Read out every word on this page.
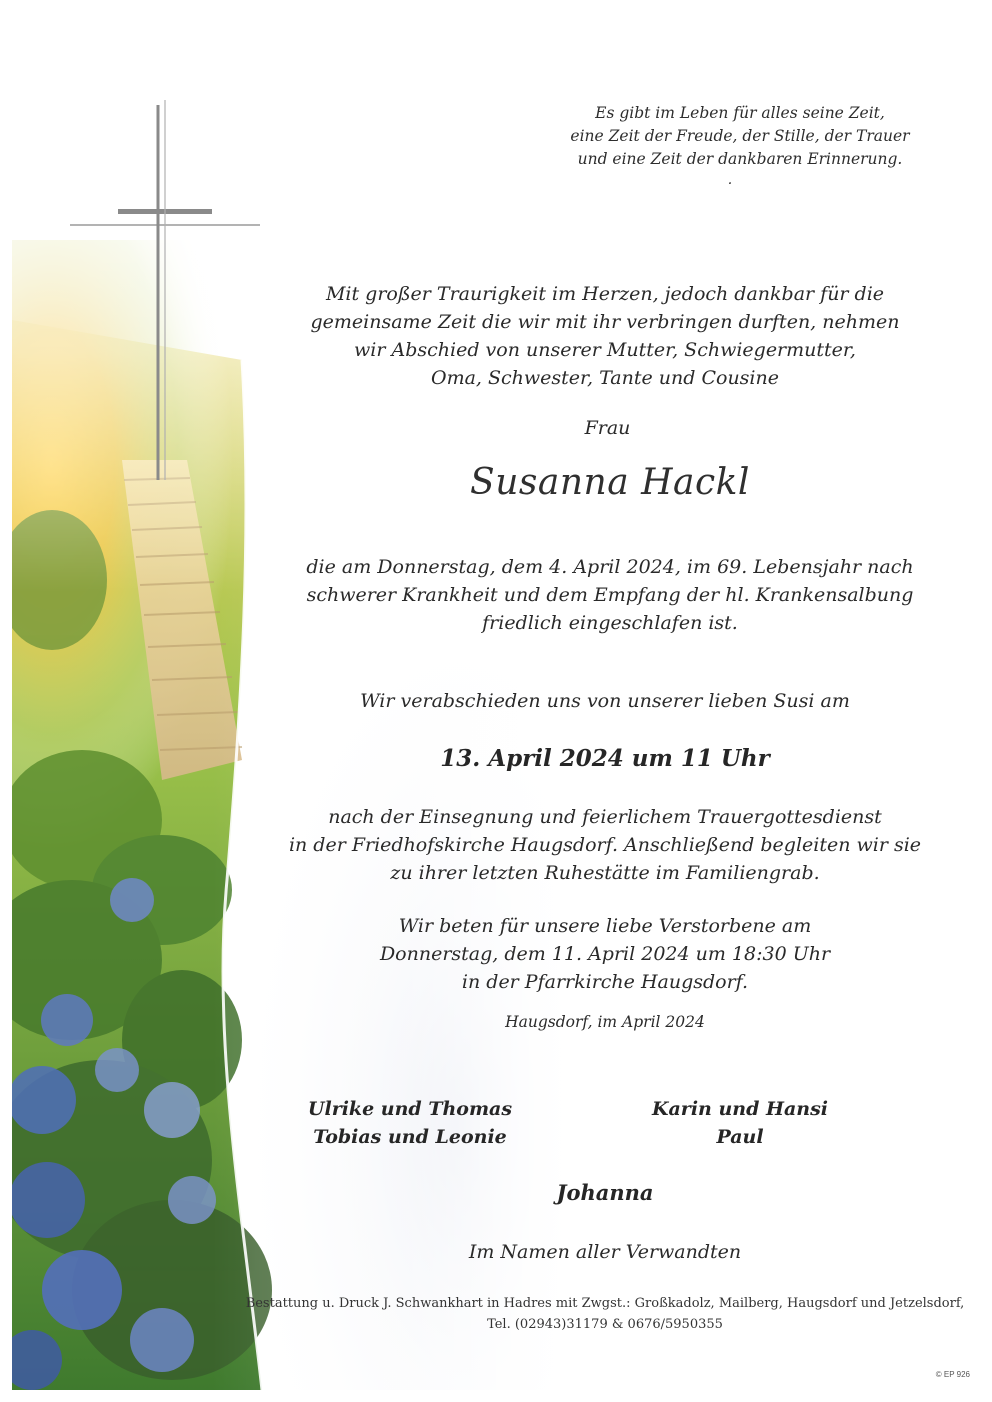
Es gibt im Leben für alles seine Zeit,
eine Zeit der Freude, der Stille, der Trauer
und eine Zeit der dankbaren Erinnerung.
.
Mit großer Traurigkeit im Herzen, jedoch dankbar für die
gemeinsame Zeit die wir mit ihr verbringen durften, nehmen
wir Abschied von unserer Mutter, Schwiegermutter,
Oma, Schwester, Tante und Cousine
Frau
Susanna Hackl
die am Donnerstag, dem 4. April 2024, im 69. Lebensjahr nach
schwerer Krankheit und dem Empfang der hl. Krankensalbung
friedlich eingeschlafen ist.
Wir verabschieden uns von unserer lieben Susi am
13. April 2024 um 11 Uhr
nach der Einsegnung und feierlichem Trauergottesdienst
in der Friedhofskirche Haugsdorf. Anschließend begleiten wir sie
zu ihrer letzten Ruhestätte im Familiengrab.
Wir beten für unsere liebe Verstorbene am
Donnerstag, dem 11. April 2024 um 18:30 Uhr
in der Pfarrkirche Haugsdorf.
Haugsdorf, im April 2024
Ulrike und Thomas
Tobias und Leonie
Karin und Hansi
Paul
Johanna
Im Namen aller Verwandten
Bestattung u. Druck J. Schwankhart in Hadres mit Zwgst.: Großkadolz, Mailberg, Haugsdorf und Jetzelsdorf,
Tel. (02943)31179 & 0676/5950355
© EP 926
